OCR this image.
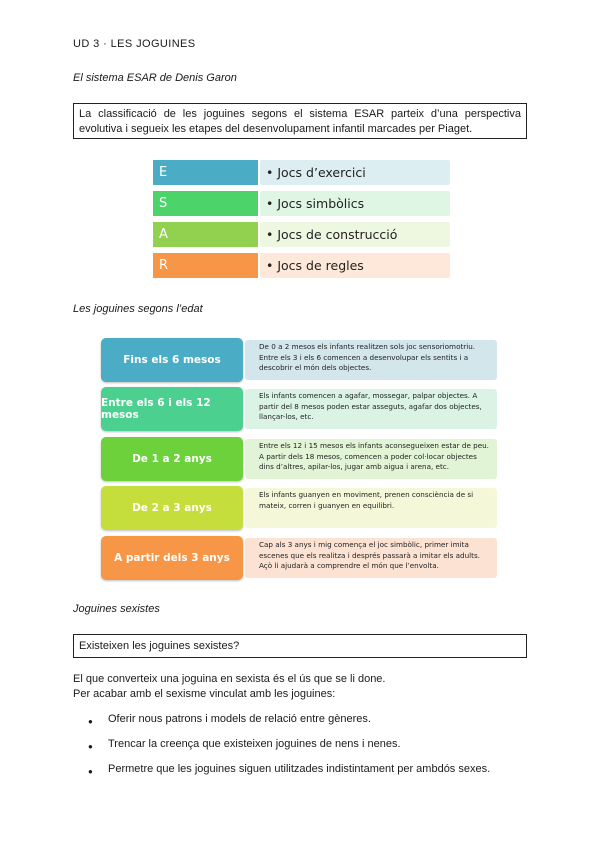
UD 3 · LES JOGUINES
El sistema ESAR de Denis Garon
La classificació de les joguines segons el sistema ESAR parteix d’una perspectiva evolutiva i segueix les etapes del desenvolupament infantil marcades per Piaget.
E	• Jocs d’exercici
S	• Jocs simbòlics
A	• Jocs de construcció
R	• Jocs de regles
Les joguines segons l’edat
Fins els 6 mesos
De 0 a 2 mesos els infants realitzen sols joc sensoriomotriu. Entre els 3 i els 6 comencen a desenvolupar els sentits i a descobrir el món dels objectes.
Entre els 6 i els 12 mesos
Els infants comencen a agafar, mossegar, palpar objectes. A partir del 8 mesos poden estar asseguts, agafar dos objectes, llançar-los, etc.
De 1 a 2 anys
Entre els 12 i 15 mesos els infants aconsegueixen estar de peu. A partir dels 18 mesos, comencen a poder col·locar objectes dins d’altres, apilar-los, jugar amb aigua i arena, etc.
De 2 a 3 anys
Els infants guanyen en moviment, prenen consciència de si mateix, corren i guanyen en equilibri.
A partir dels 3 anys
Cap als 3 anys i mig comença el joc simbòlic, primer imita escenes que els realitza i després passarà a imitar els adults. Açò li ajudarà a comprendre el món que l’envolta.
Joguines sexistes
Existeixen les joguines sexistes?
El que converteix una joguina en sexista és el ús que se li done.
Per acabar amb el sexisme vinculat amb les joguines:
● Oferir nous patrons i models de relació entre gèneres.
● Trencar la creença que existeixen joguines de nens i nenes.
● Permetre que les joguines siguen utilitzades indistintament per ambdós sexes.
